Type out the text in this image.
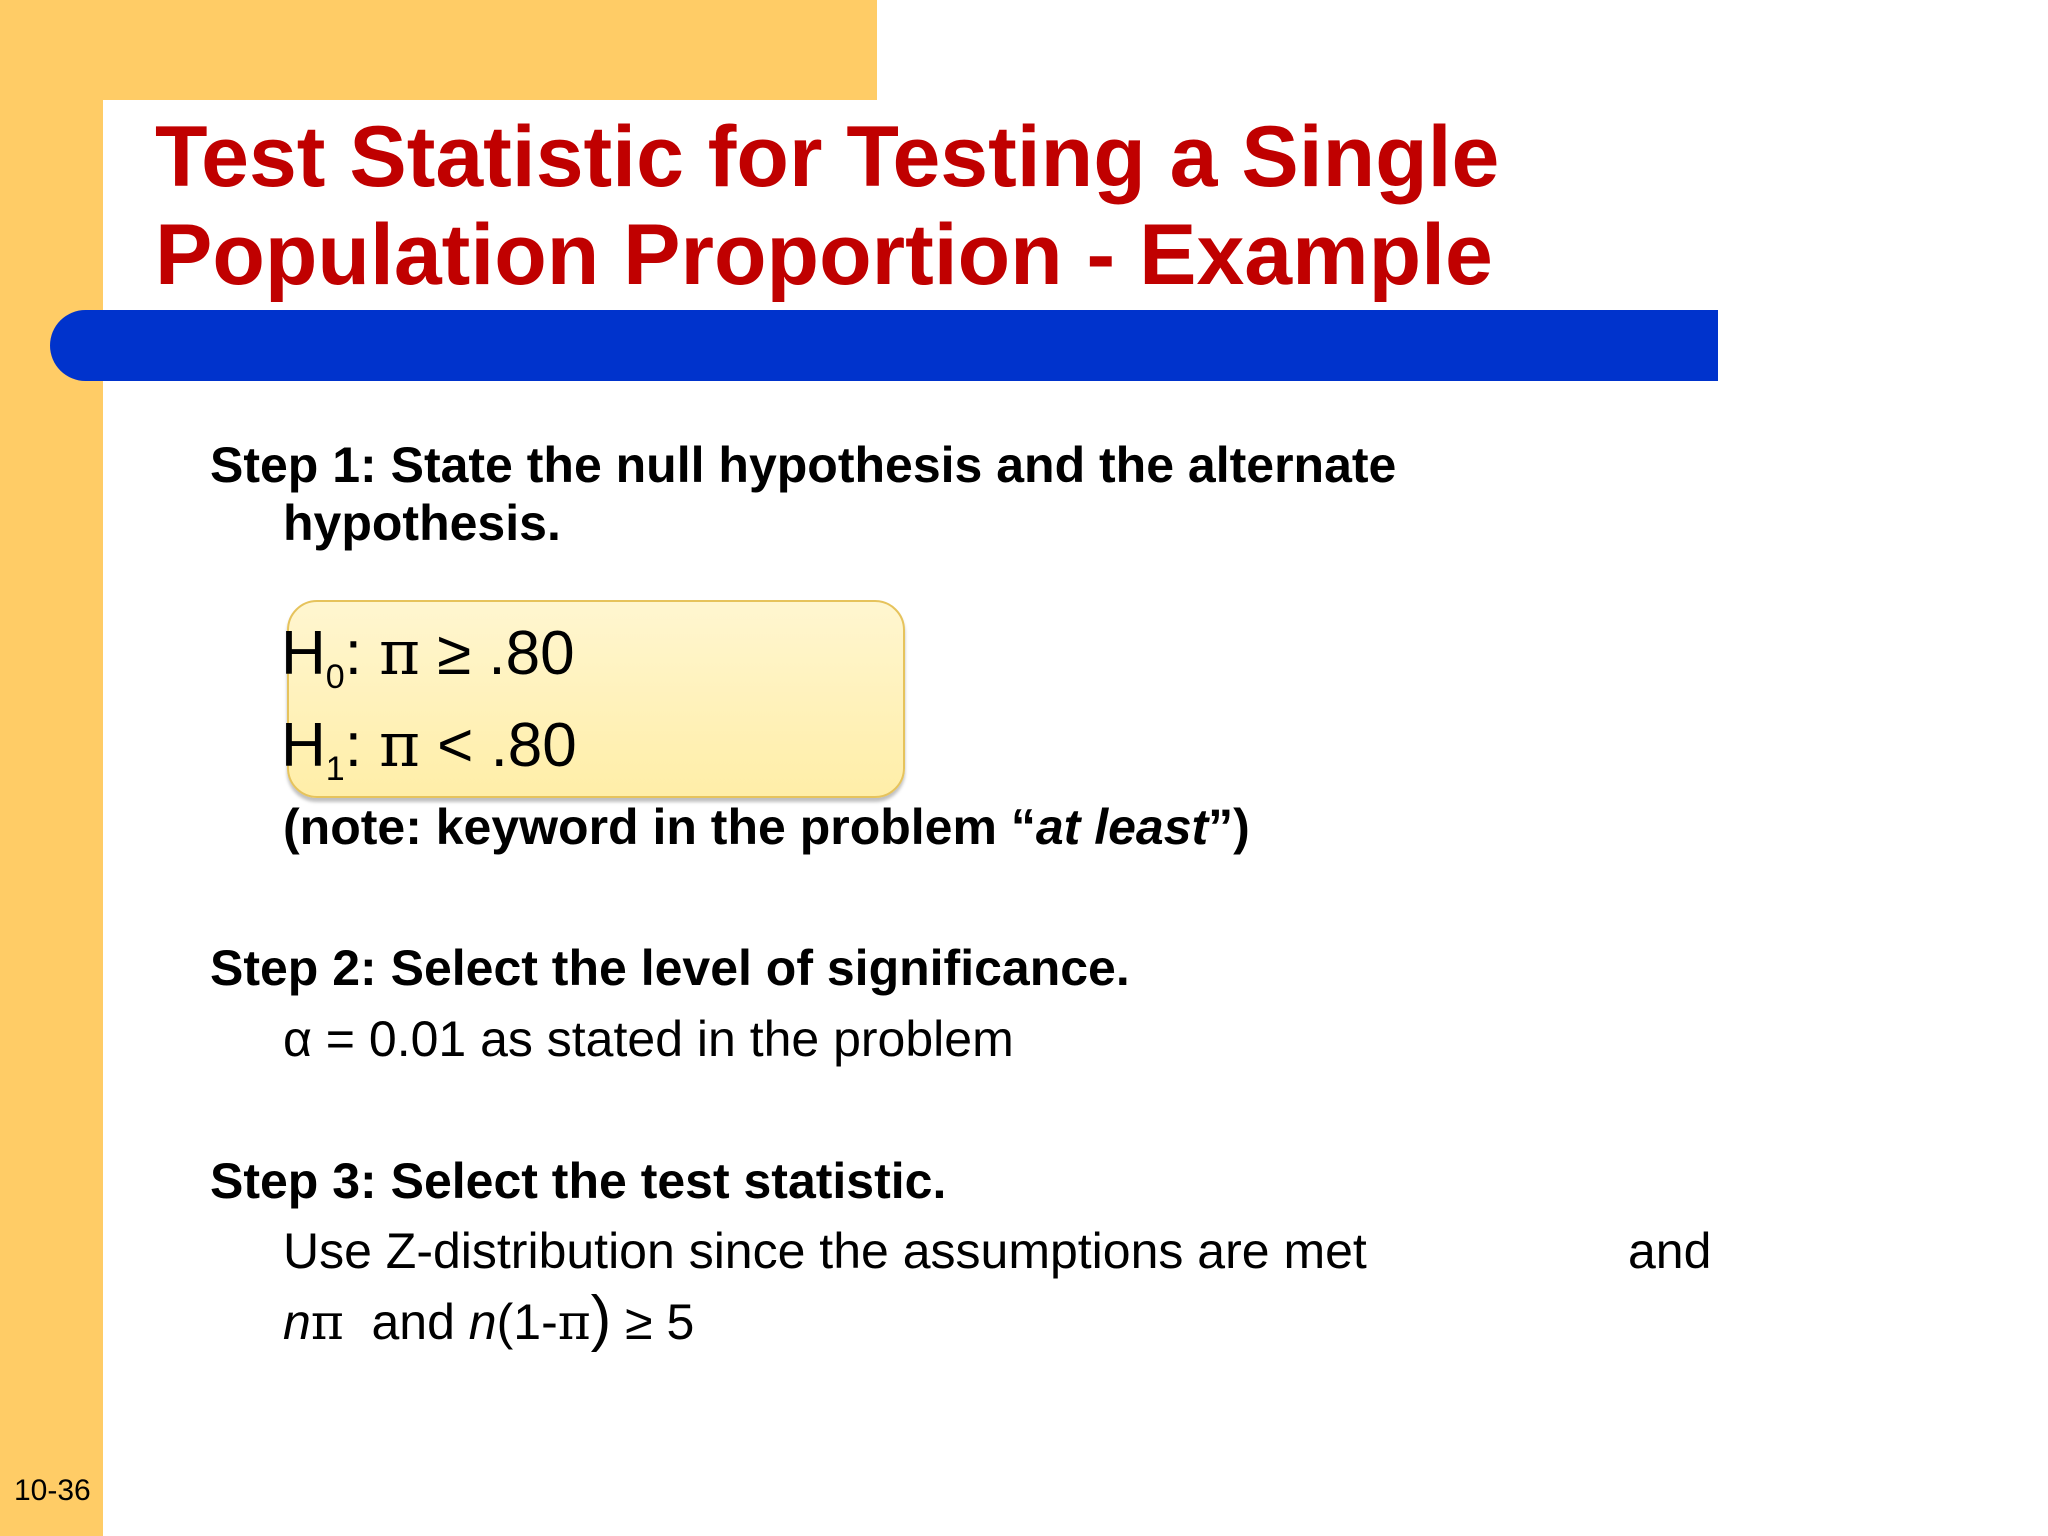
Test Statistic for Testing a Single
Population Proportion - Example
Step 1: State the null hypothesis and the alternate
hypothesis.
$H_0$: π ≥ .80
$H_1$: π < .80
(note: keyword in the problem “at least”)
Step 2: Select the level of significance.
α = 0.01 as stated in the problem
Step 3: Select the test statistic.
Use Z-distribution since the assumptions are met	and
nπ  and n(1-π) ≥ 5
10-36
